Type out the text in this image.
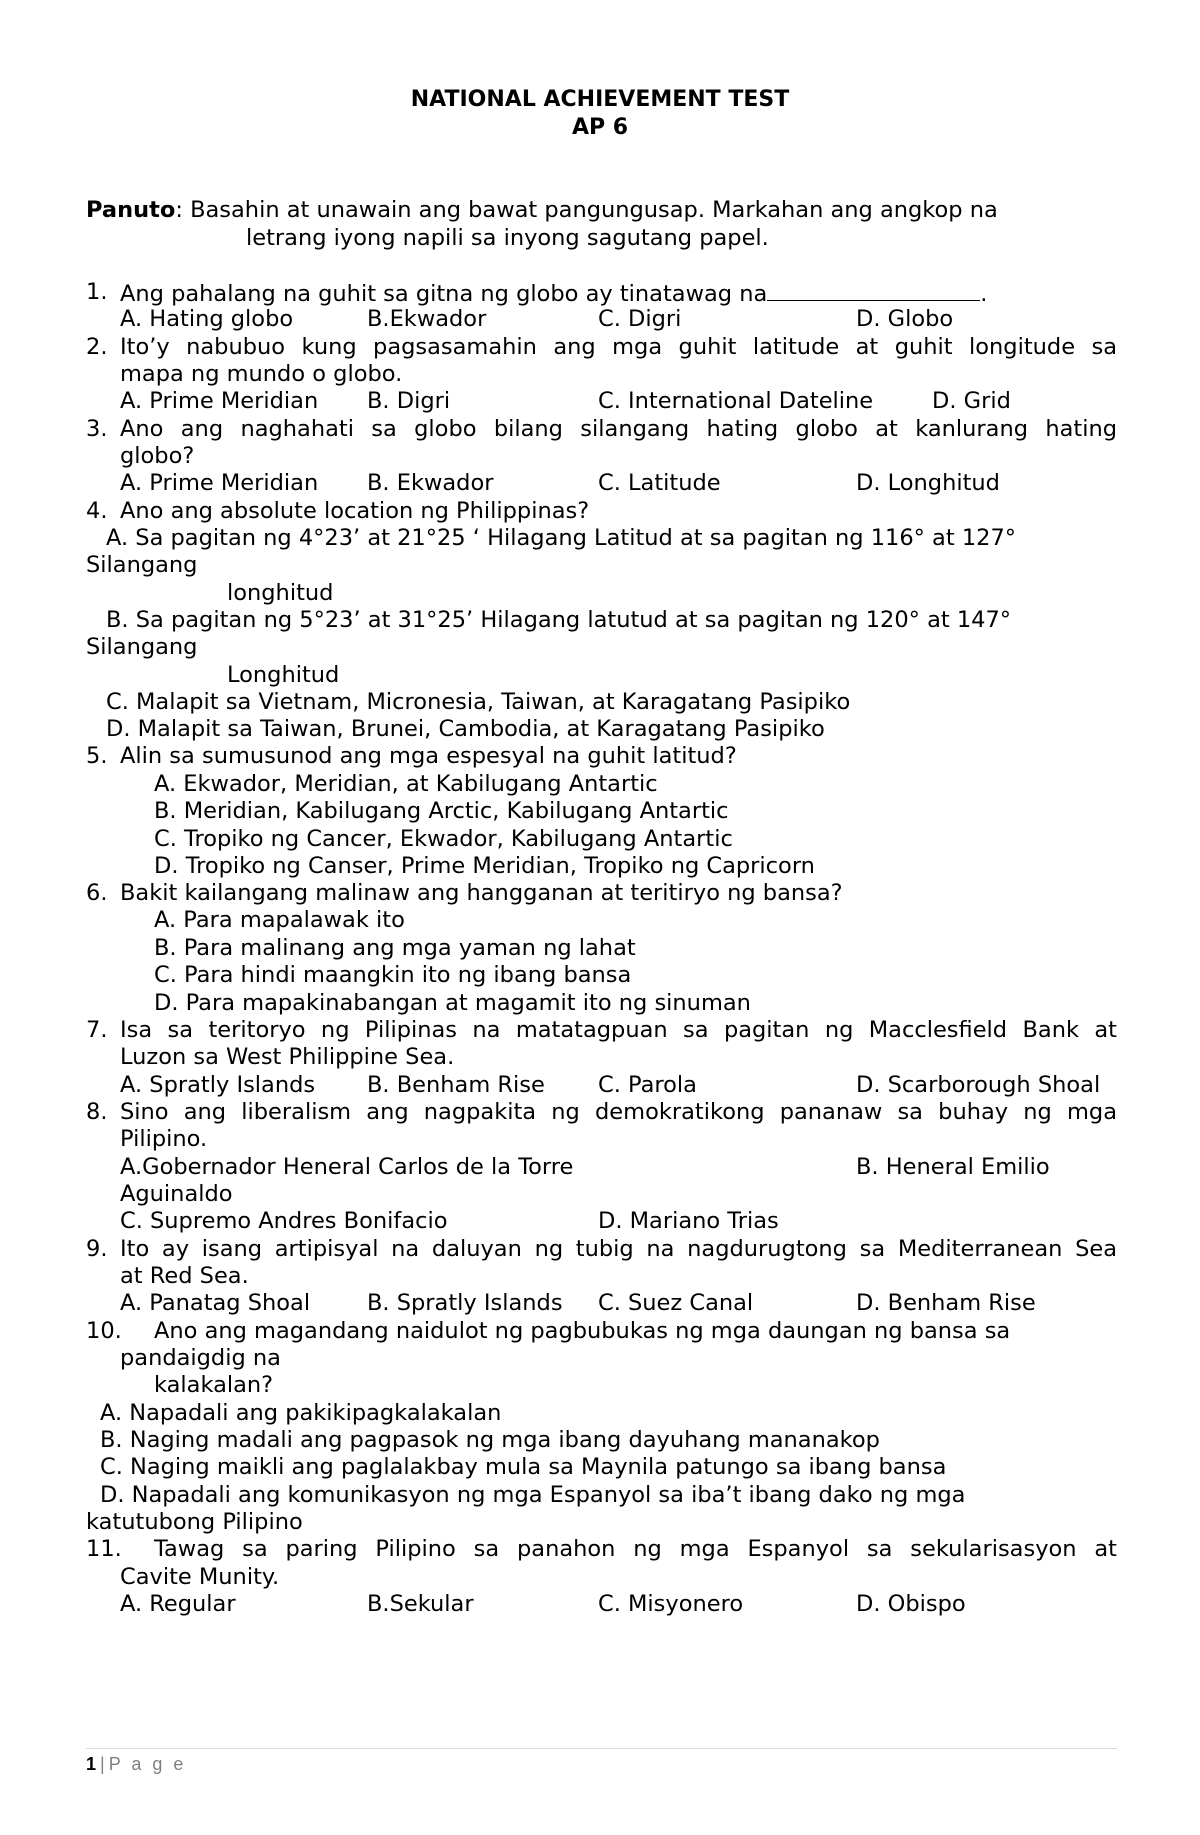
NATIONAL ACHIEVEMENT TEST
AP 6
Panuto: Basahin at unawain ang bawat pangungusap. Markahan ang angkop na
letrang iyong napili sa inyong sagutang papel.
1. Ang pahalang na guhit sa gitna ng globo ay tinatawag na	.
A. Hating globo	B.Ekwador	C. Digri	D. Globo
2. Ito’y nabubuo kung pagsasamahin ang mga guhit latitude at guhit longitude sa
mapa ng mundo o globo.
A. Prime Meridian B. Digri	C. International Dateline	D. Grid
3. Ano ang naghahati sa globo bilang silangang hating globo at kanlurang hating
globo?
A. Prime Meridian B. Ekwador	C. Latitude	D. Longhitud
4. Ano ang absolute location ng Philippinas?
A. Sa pagitan ng 4°23’ at 21°25 ‘ Hilagang Latitud at sa pagitan ng 116° at 127°
Silangang
longhitud
B. Sa pagitan ng 5°23’ at 31°25’ Hilagang latutud at sa pagitan ng 120° at 147°
Silangang
Longhitud
C. Malapit sa Vietnam, Micronesia, Taiwan, at Karagatang Pasipiko
D. Malapit sa Taiwan, Brunei, Cambodia, at Karagatang Pasipiko
5. Alin sa sumusunod ang mga espesyal na guhit latitud?
A. Ekwador, Meridian, at Kabilugang Antartic
B. Meridian, Kabilugang Arctic, Kabilugang Antartic
C. Tropiko ng Cancer, Ekwador, Kabilugang Antartic
D. Tropiko ng Canser, Prime Meridian, Tropiko ng Capricorn
6. Bakit kailangang malinaw ang hangganan at teritiryo ng bansa?
A. Para mapalawak ito
B. Para malinang ang mga yaman ng lahat
C. Para hindi maangkin ito ng ibang bansa
D. Para mapakinabangan at magamit ito ng sinuman
7. Isa sa teritoryo ng Pilipinas na matatagpuan sa pagitan ng Macclesfield Bank at
Luzon sa West Philippine Sea.
A. Spratly Islands B. Benham Rise C. Parola	D. Scarborough Shoal
8. Sino ang liberalism ang nagpakita ng demokratikong pananaw sa buhay ng mga
Pilipino.
A.Gobernador Heneral Carlos de la Torre	B. Heneral Emilio
Aguinaldo
C. Supremo Andres Bonifacio	D. Mariano Trias
9. Ito ay isang artipisyal na daluyan ng tubig na nagdurugtong sa Mediterranean Sea
at Red Sea.
A. Panatag Shoal	B. Spratly Islands C. Suez Canal	D. Benham Rise
10. Ano ang magandang naidulot ng pagbubukas ng mga daungan ng bansa sa
pandaigdig na
kalakalan?
A. Napadali ang pakikipagkalakalan
B. Naging madali ang pagpasok ng mga ibang dayuhang mananakop
C. Naging maikli ang paglalakbay mula sa Maynila patungo sa ibang bansa
D. Napadali ang komunikasyon ng mga Espanyol sa iba’t ibang dako ng mga
katutubong Pilipino
11. Tawag sa paring Pilipino sa panahon ng mga Espanyol sa sekularisasyon at
Cavite Munity.
A. Regular	B.Sekular	C. Misyonero	D. Obispo
1 | P a g e
